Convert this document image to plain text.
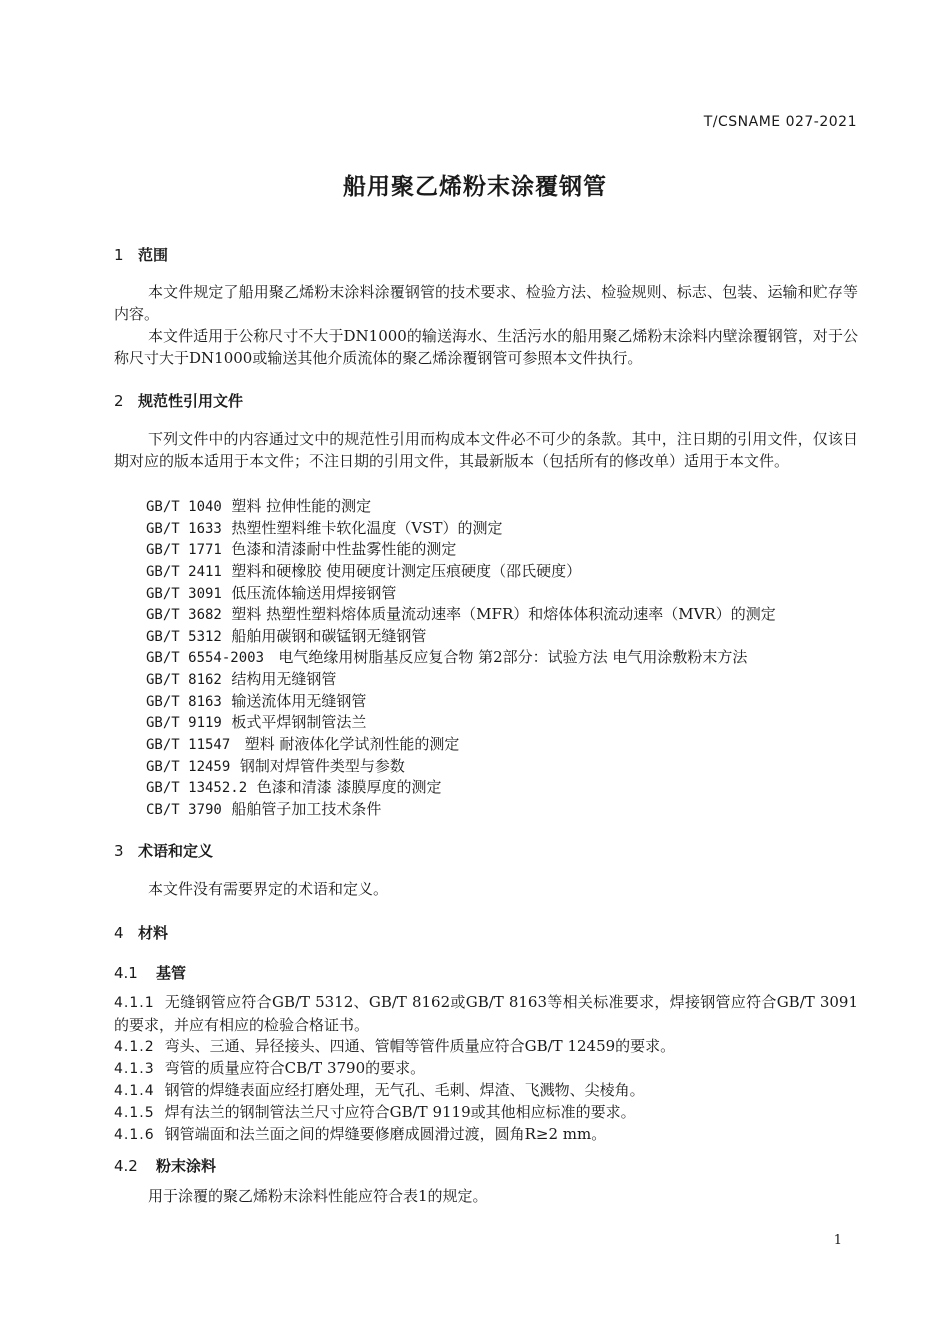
T/CSNAME 027-2021
船用聚乙烯粉末涂覆钢管
1 范围
本文件规定了船用聚乙烯粉末涂料涂覆钢管的技术要求、检验方法、检验规则、标志、包装、运输和贮存等内容。
本文件适用于公称尺寸不大于DN1000的输送海水、生活污水的船用聚乙烯粉末涂料内壁涂覆钢管，对于公称尺寸大于DN1000或输送其他介质流体的聚乙烯涂覆钢管可参照本文件执行。
2 规范性引用文件
下列文件中的内容通过文中的规范性引用而构成本文件必不可少的条款。其中，注日期的引用文件，仅该日期对应的版本适用于本文件；不注日期的引用文件，其最新版本（包括所有的修改单）适用于本文件。
GB/T 1040 塑料 拉伸性能的测定
GB/T 1633 热塑性塑料维卡软化温度（VST）的测定
GB/T 1771 色漆和清漆耐中性盐雾性能的测定
GB/T 2411 塑料和硬橡胶 使用硬度计测定压痕硬度（邵氏硬度）
GB/T 3091 低压流体输送用焊接钢管
GB/T 3682 塑料 热塑性塑料熔体质量流动速率（MFR）和熔体体积流动速率（MVR）的测定
GB/T 5312 船舶用碳钢和碳锰钢无缝钢管
GB/T 6554-2003 电气绝缘用树脂基反应复合物 第2部分：试验方法 电气用涂敷粉末方法
GB/T 8162 结构用无缝钢管
GB/T 8163 输送流体用无缝钢管
GB/T 9119 板式平焊钢制管法兰
GB/T 11547 塑料 耐液体化学试剂性能的测定
GB/T 12459 钢制对焊管件类型与参数
GB/T 13452.2 色漆和清漆 漆膜厚度的测定
CB/T 3790 船舶管子加工技术条件
3 术语和定义
本文件没有需要界定的术语和定义。
4 材料
4.1 基管
4.1.1 无缝钢管应符合GB/T 5312、GB/T 8162或GB/T 8163等相关标准要求，焊接钢管应符合GB/T 3091的要求，并应有相应的检验合格证书。
4.1.2 弯头、三通、异径接头、四通、管帽等管件质量应符合GB/T 12459的要求。
4.1.3 弯管的质量应符合CB/T 3790的要求。
4.1.4 钢管的焊缝表面应经打磨处理，无气孔、毛刺、焊渣、飞溅物、尖棱角。
4.1.5 焊有法兰的钢制管法兰尺寸应符合GB/T 9119或其他相应标准的要求。
4.1.6 钢管端面和法兰面之间的焊缝要修磨成圆滑过渡，圆角R≥2 mm。
4.2 粉末涂料
用于涂覆的聚乙烯粉末涂料性能应符合表1的规定。
1
